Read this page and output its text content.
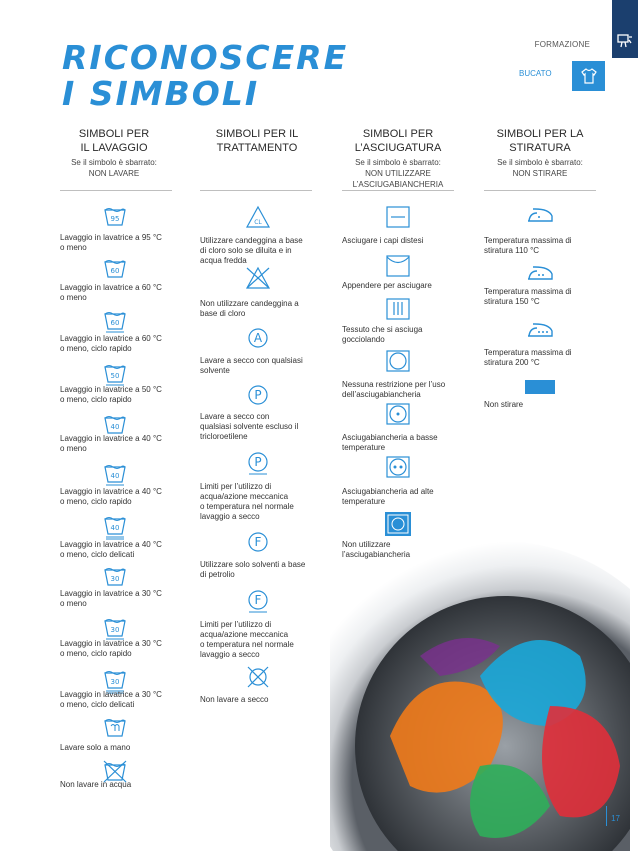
FORMAZIONE
BUCATO
RICONOSCERE
I SIMBOLI
SIMBOLI PER
IL LAVAGGIO
Se il simbolo è sbarrato:
NON LAVARE
SIMBOLI PER IL
TRATTAMENTO
SIMBOLI PER
L’ASCIUGATURA
Se il simbolo è sbarrato:
NON UTILIZZARE
L’ASCIUGABIANCHERIA
SIMBOLI PER LA
STIRATURA
Se il simbolo è sbarrato:
NON STIRARE
17
95
Lavaggio in lavatrice a 95 °C
o meno
60
Lavaggio in lavatrice a 60 °C
o meno
60
Lavaggio in lavatrice a 60 °C
o meno, ciclo rapido
50
Lavaggio in lavatrice a 50 °C
o meno, ciclo rapido
40
Lavaggio in lavatrice a 40 °C
o meno
40
Lavaggio in lavatrice a 40 °C
o meno, ciclo rapido
40
Lavaggio in lavatrice a 40 °C
o meno, ciclo delicati
30
Lavaggio in lavatrice a 30 °C
o meno
30
Lavaggio in lavatrice a 30 °C
o meno, ciclo rapido
30
Lavaggio in lavatrice a 30 °C
o meno, ciclo delicati
Lavare solo a mano
Non lavare in acqua
CL
Utilizzare candeggina a base
di cloro solo se diluita e in
acqua fredda
Non utilizzare candeggina a
base di cloro
A
Lavare a secco con qualsiasi
solvente
P
Lavare a secco con
qualsiasi solvente escluso il
tricloroetilene
P
Limiti per l’utilizzo di
acqua/azione meccanica
o temperatura nel normale
lavaggio a secco
F
Utilizzare solo solventi a base
di petrolio
F
Limiti per l’utilizzo di
acqua/azione meccanica
o temperatura nel normale
lavaggio a secco
Non lavare a secco
Asciugare i capi distesi
Appendere per asciugare
Tessuto che si asciuga
gocciolando
Nessuna restrizione per l’uso
dell’asciugabiancheria
Asciugabiancheria a basse
temperature
Asciugabiancheria ad alte
temperature
Non utilizzare
l’asciugabiancheria
Temperatura massima di
stiratura 110 °C
Temperatura massima di
stiratura 150 °C
Temperatura massima di
stiratura 200 °C
Non stirare
